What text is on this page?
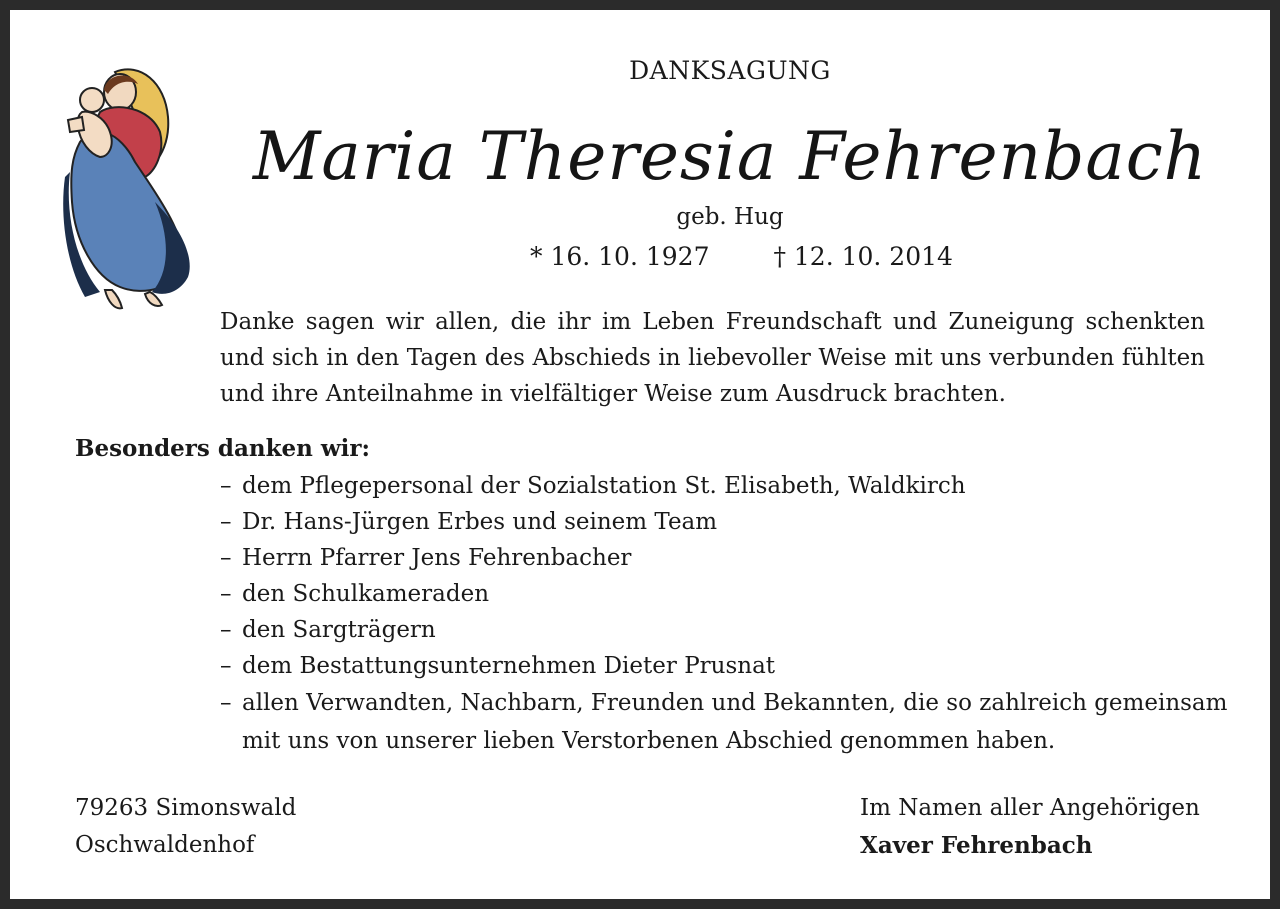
DANKSAGUNG
Maria Theresia Fehrenbach
geb. Hug
* 16. 10. 1927	† 12. 10. 2014
Danke sagen wir allen, die ihr im Leben Freundschaft und Zuneigung schenkten
und sich in den Tagen des Abschieds in liebevoller Weise mit uns verbunden fühlten
und ihre Anteilnahme in vielfältiger Weise zum Ausdruck brachten.
Besonders danken wir:
– dem Pflegepersonal der Sozialstation St. Elisabeth, Waldkirch
– Dr. Hans-Jürgen Erbes und seinem Team
– Herrn Pfarrer Jens Fehrenbacher
– den Schulkameraden
– den Sargträgern
– dem Bestattungsunternehmen Dieter Prusnat
– allen Verwandten, Nachbarn, Freunden und Bekannten, die so zahlreich gemeinsam
mit uns von unserer lieben Verstorbenen Abschied genommen haben.
79263 Simonswald
Oschwaldenhof
Im Namen aller Angehörigen
Xaver Fehrenbach
